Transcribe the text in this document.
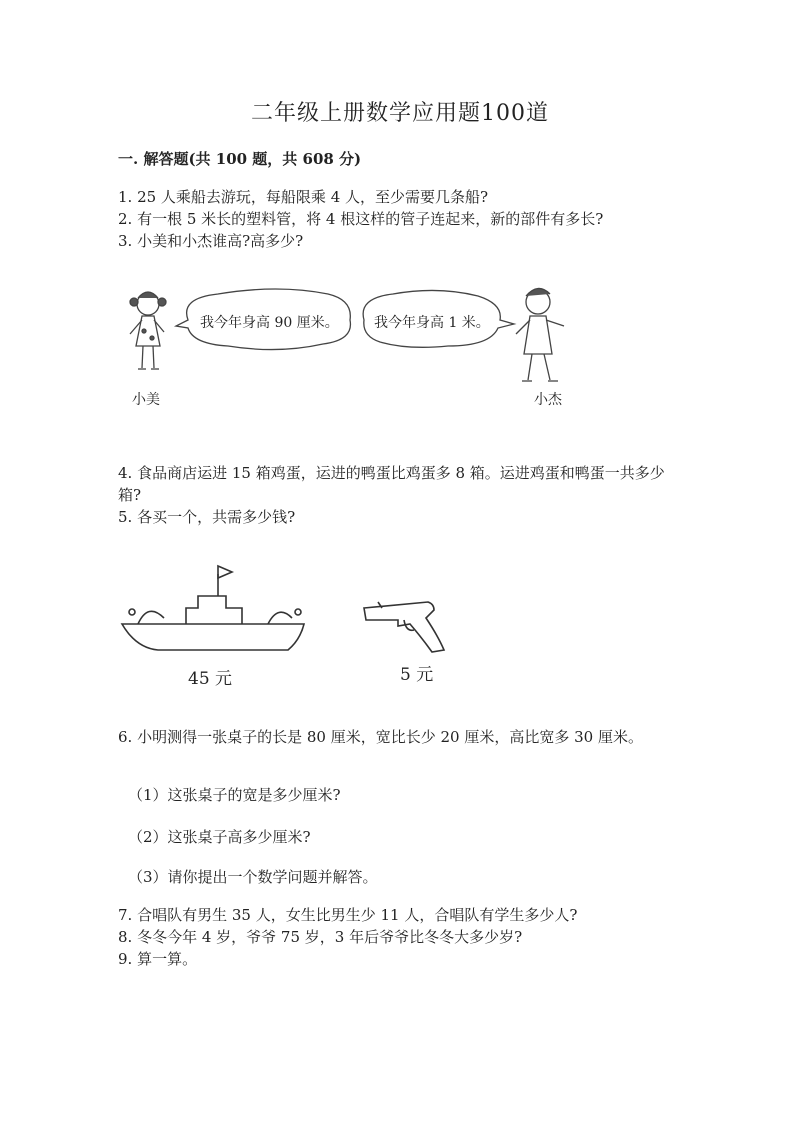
二年级上册数学应用题100道
一. 解答题(共 100 题，共 608 分)
1. 25 人乘船去游玩，每船限乘 4 人，至少需要几条船?
2. 有一根 5 米长的塑料管，将 4 根这样的管子连起来，新的部件有多长?
3. 小美和小杰谁高?高多少?
小美
我今年身高 90 厘米。	我今年身高 1 米。
小杰
4. 食品商店运进 15 箱鸡蛋，运进的鸭蛋比鸡蛋多 8 箱。运进鸡蛋和鸭蛋一共多少箱?
5. 各买一个，共需多少钱?
45 元	5 元
6. 小明测得一张桌子的长是 80 厘米，宽比长少 20 厘米，高比宽多 30 厘米。
（1）这张桌子的宽是多少厘米?
（2）这张桌子高多少厘米?
（3）请你提出一个数学问题并解答。
7. 合唱队有男生 35 人，女生比男生少 11 人，合唱队有学生多少人?
8. 冬冬今年 4 岁，爷爷 75 岁，3 年后爷爷比冬冬大多少岁?
9. 算一算。
